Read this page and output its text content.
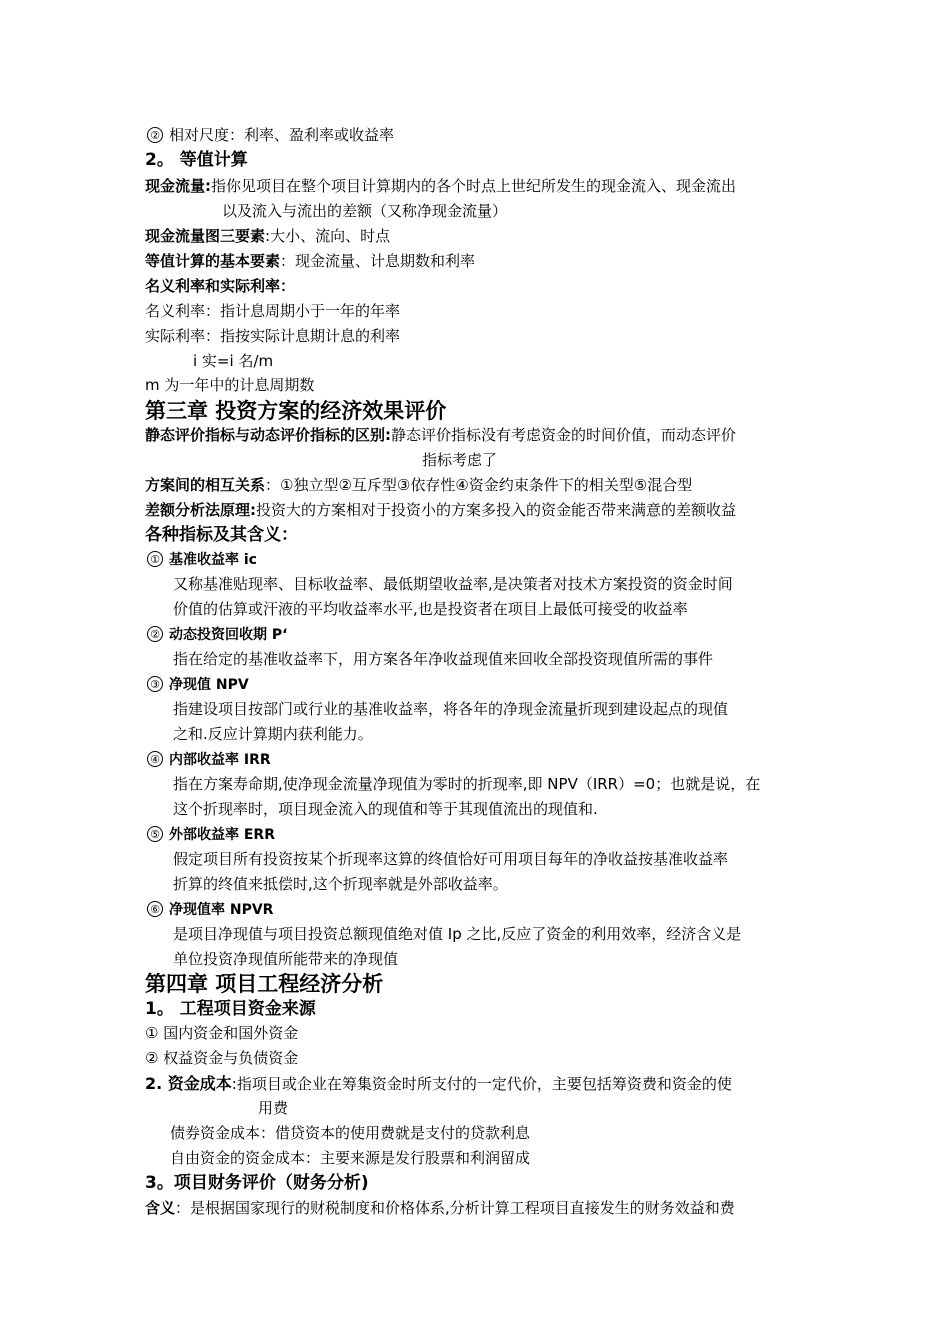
② 相对尺度：利率、盈利率或收益率
2。 等值计算
现金流量:指你见项目在整个项目计算期内的各个时点上世纪所发生的现金流入、现金流出
以及流入与流出的差额（又称净现金流量）
现金流量图三要素:大小、流向、时点
等值计算的基本要素：现金流量、计息期数和利率
名义利率和实际利率：
名义利率：指计息周期小于一年的年率
实际利率：指按实际计息期计息的利率
i 实=i 名/m
m 为一年中的计息周期数
第三章 投资方案的经济效果评价
静态评价指标与动态评价指标的区别:静态评价指标没有考虑资金的时间价值，而动态评价
指标考虑了
方案间的相互关系：①独立型②互斥型③依存性④资金约束条件下的相关型⑤混合型
差额分析法原理:投资大的方案相对于投资小的方案多投入的资金能否带来满意的差额收益
各种指标及其含义：
① 基准收益率 ic
又称基准贴现率、目标收益率、最低期望收益率,是决策者对技术方案投资的资金时间
价值的估算或汗液的平均收益率水平,也是投资者在项目上最低可接受的收益率
② 动态投资回收期 P‘
指在给定的基准收益率下，用方案各年净收益现值来回收全部投资现值所需的事件
③ 净现值 NPV
指建设项目按部门或行业的基准收益率，将各年的净现金流量折现到建设起点的现值
之和.反应计算期内获利能力。
④ 内部收益率 IRR
指在方案寿命期,使净现金流量净现值为零时的折现率,即 NPV（IRR）=0；也就是说，在
这个折现率时，项目现金流入的现值和等于其现值流出的现值和.
⑤ 外部收益率 ERR
假定项目所有投资按某个折现率这算的终值恰好可用项目每年的净收益按基准收益率
折算的终值来抵偿时,这个折现率就是外部收益率。
⑥ 净现值率 NPVR
是项目净现值与项目投资总额现值绝对值 Ip 之比,反应了资金的利用效率，经济含义是
单位投资净现值所能带来的净现值
第四章 项目工程经济分析
1。 工程项目资金来源
① 国内资金和国外资金
② 权益资金与负债资金
2. 资金成本:指项目或企业在筹集资金时所支付的一定代价，主要包括筹资费和资金的使
用费
债券资金成本：借贷资本的使用费就是支付的贷款利息
自由资金的资金成本：主要来源是发行股票和利润留成
3。项目财务评价（财务分析)
含义：是根据国家现行的财税制度和价格体系,分析计算工程项目直接发生的财务效益和费
